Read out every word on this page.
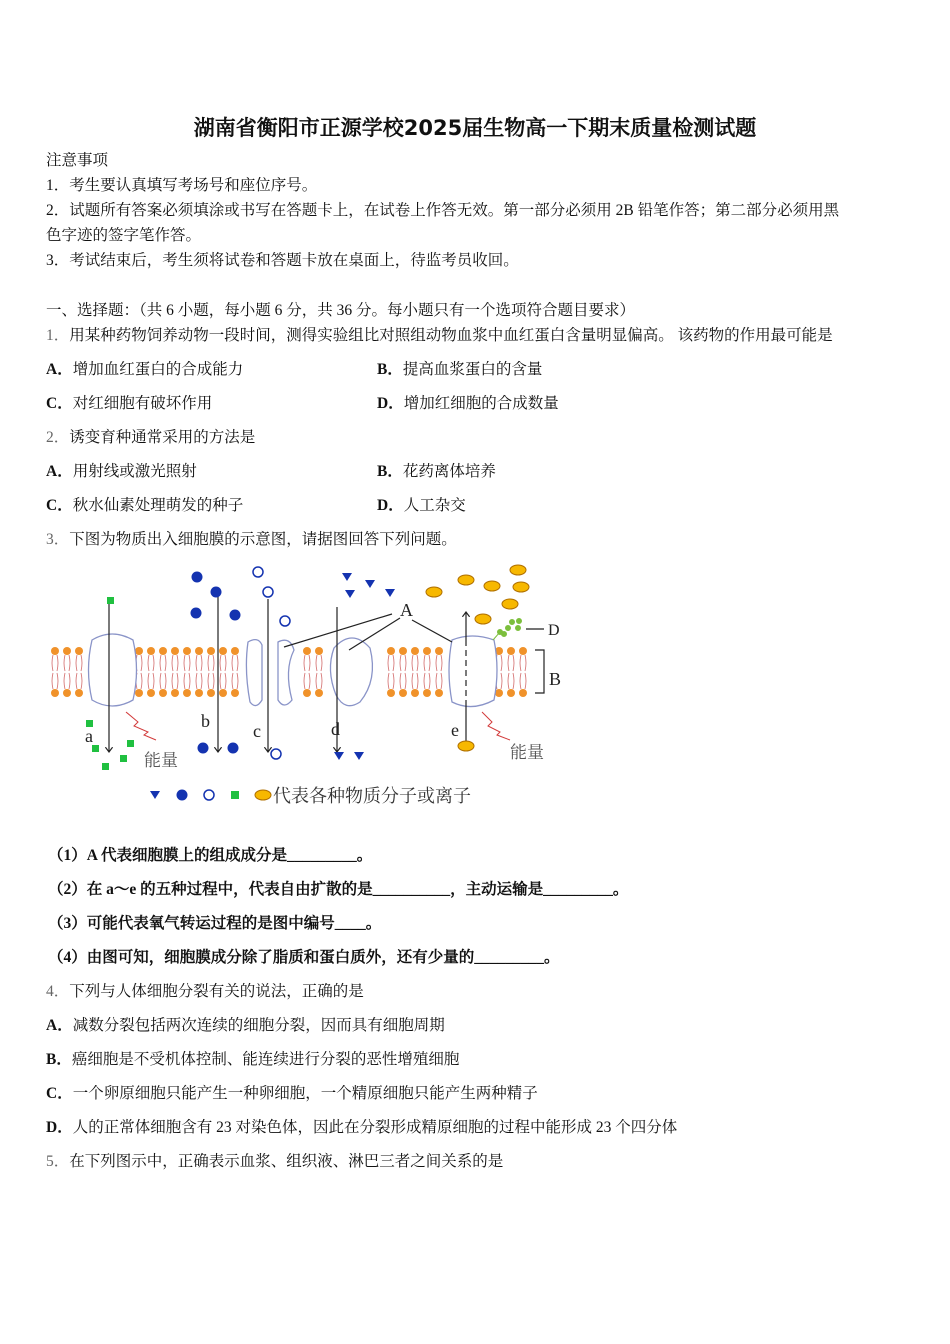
湖南省衡阳市正源学校2025届生物高一下期末质量检测试题
注意事项
1．考生要认真填写考场号和座位序号。
2．试题所有答案必须填涂或书写在答题卡上，在试卷上作答无效。第一部分必须用 2B 铅笔作答；第二部分必须用黑
色字迹的签字笔作答。
3．考试结束后，考生须将试卷和答题卡放在桌面上，待监考员收回。
一、选择题：（共 6 小题，每小题 6 分，共 36 分。每小题只有一个选项符合题目要求）
1．用某种药物饲养动物一段时间，测得实验组比对照组动物血浆中血红蛋白含量明显偏高。 该药物的作用最可能是
A．增加血红蛋白的合成能力	B．提高血浆蛋白的含量
C．对红细胞有破坏作用	D．增加红细胞的合成数量
2．诱变育种通常采用的方法是
A．用射线或激光照射	B．花药离体培养
C．秋水仙素处理萌发的种子	D．人工杂交
3．下图为物质出入细胞膜的示意图，请据图回答下列问题。
a
b c	d	e
A
B
D
能量	能量
代表各种物质分子或离子
（1）A 代表细胞膜上的组成成分是_________。
（2）在 a～e 的五种过程中，代表自由扩散的是__________，主动运输是_________。
（3）可能代表氧气转运过程的是图中编号____。
（4）由图可知，细胞膜成分除了脂质和蛋白质外，还有少量的_________。
4．下列与人体细胞分裂有关的说法，正确的是
A．减数分裂包括两次连续的细胞分裂，因而具有细胞周期
B．癌细胞是不受机体控制、能连续进行分裂的恶性增殖细胞
C．一个卵原细胞只能产生一种卵细胞，一个精原细胞只能产生两种精子
D．人的正常体细胞含有 23 对染色体，因此在分裂形成精原细胞的过程中能形成 23 个四分体
5．在下列图示中，正确表示血浆、组织液、淋巴三者之间关系的是
